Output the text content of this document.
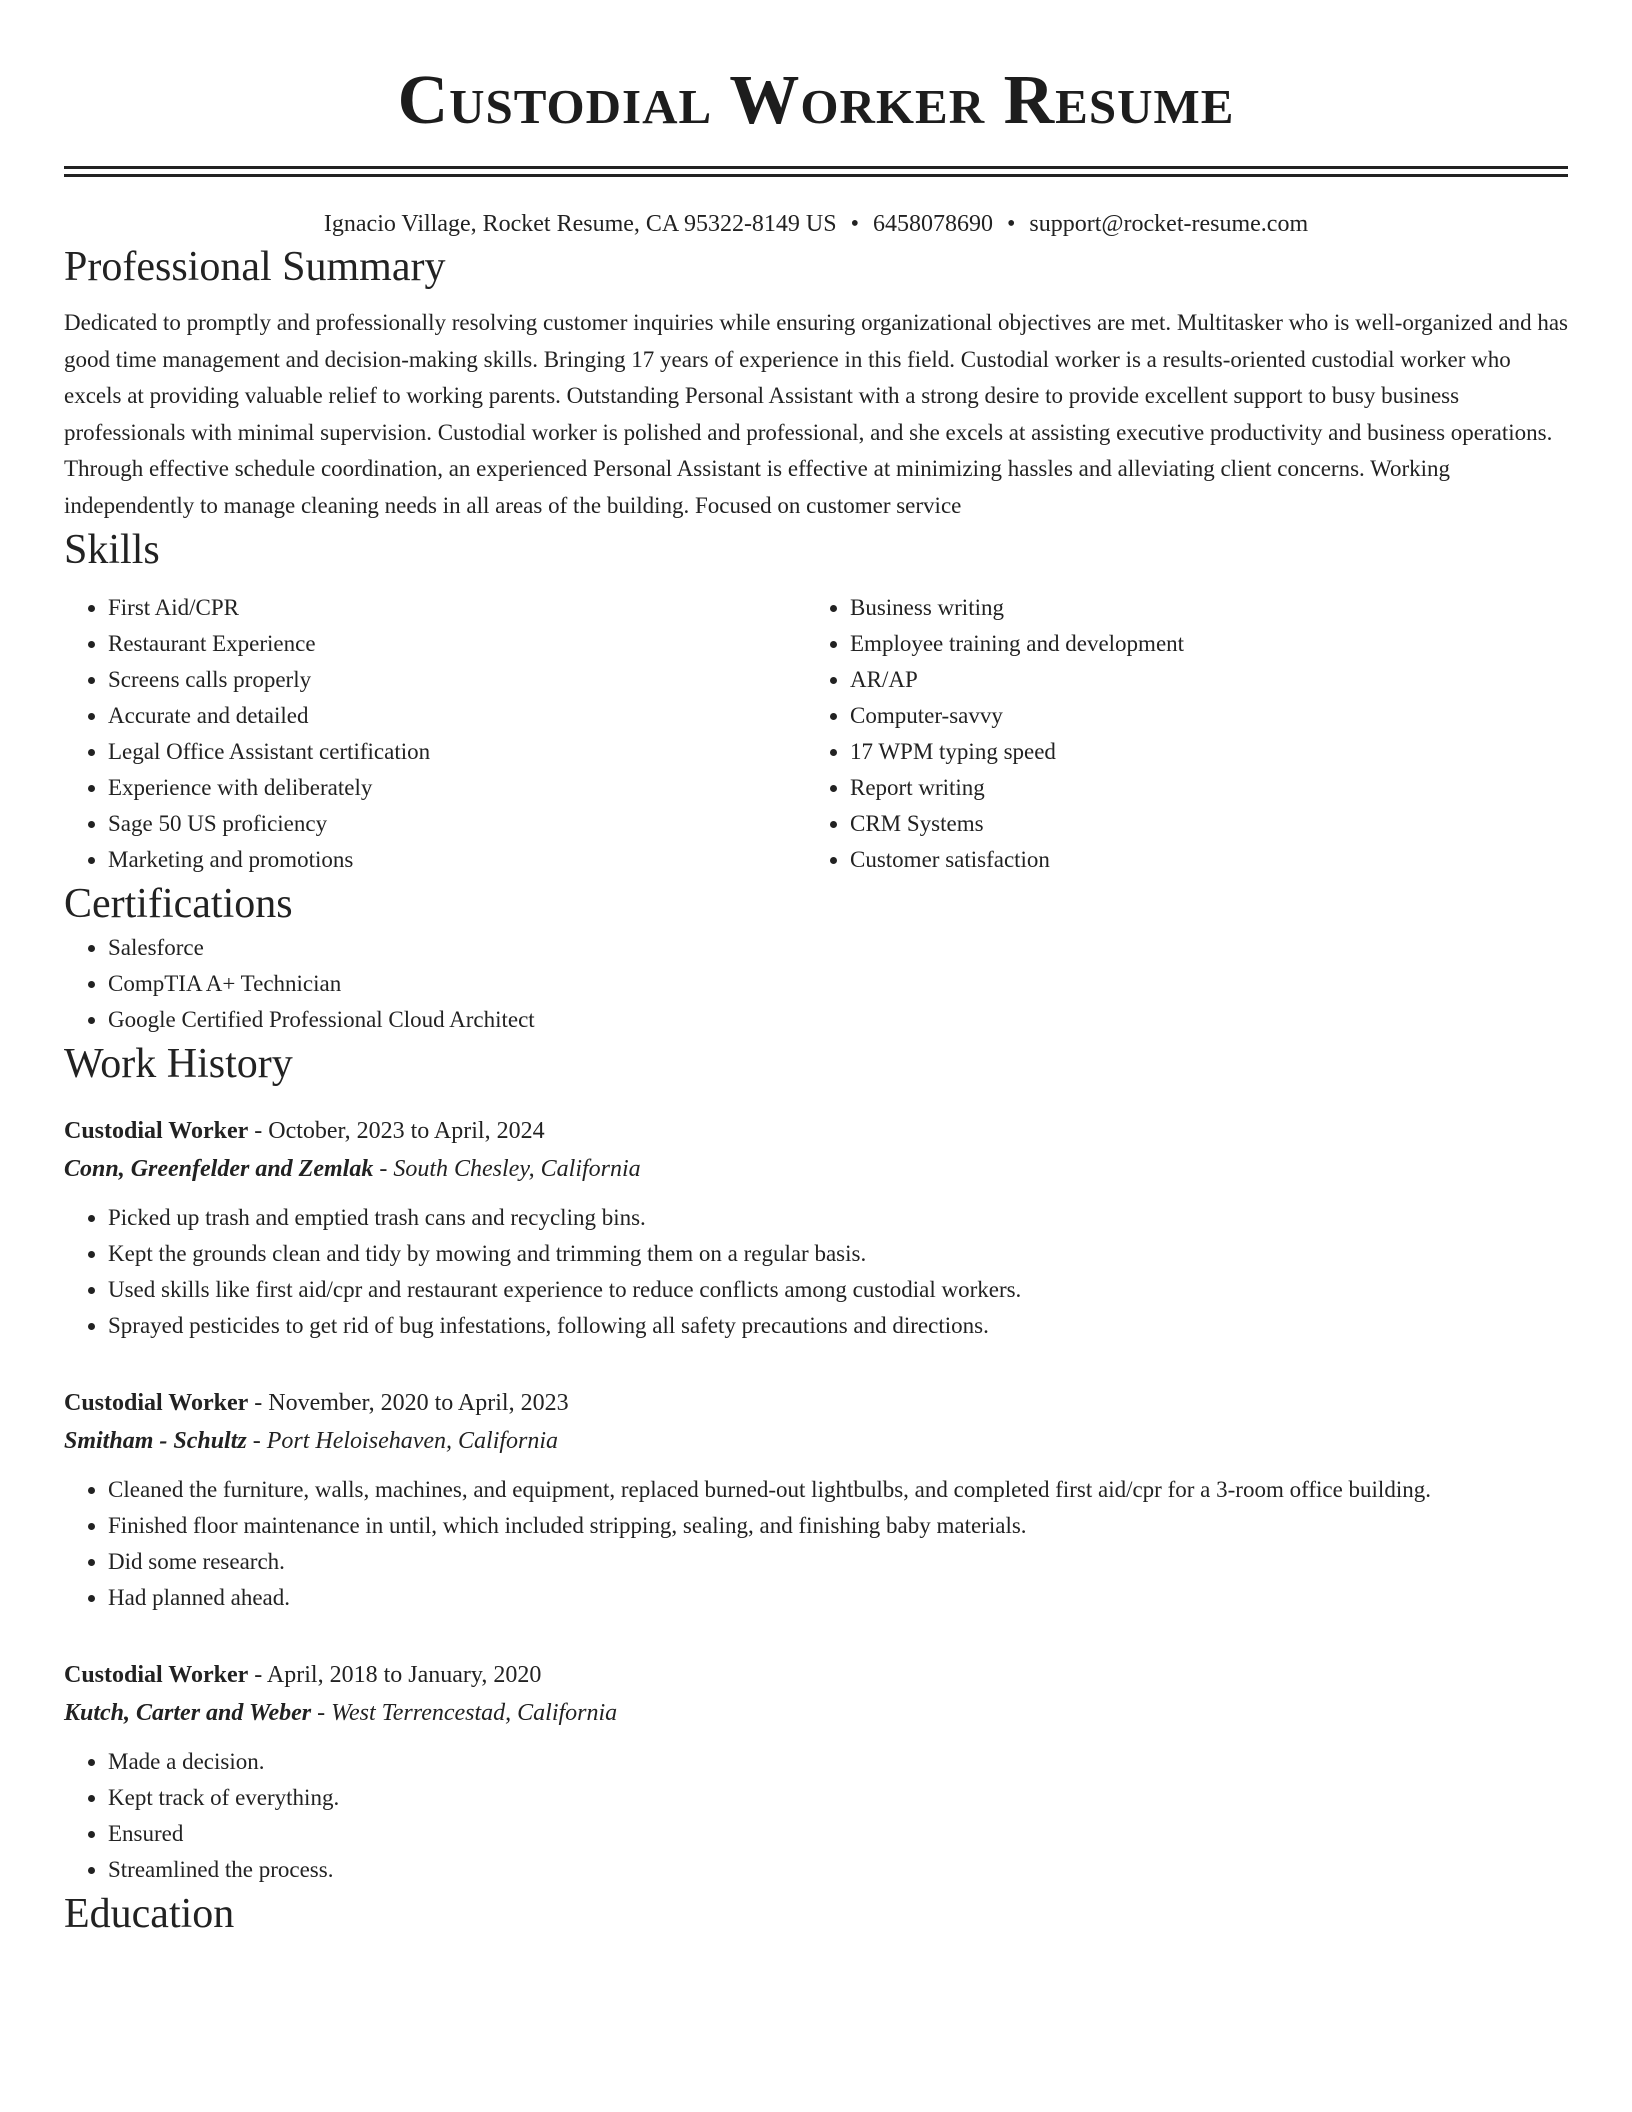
Custodial Worker Resume
Ignacio Village, Rocket Resume, CA 95322-8149 US • 6458078690 • support@rocket-resume.com
Professional Summary
Dedicated to promptly and professionally resolving customer inquiries while ensuring organizational objectives are met. Multitasker who is well-organized and has good time management and decision-making skills. Bringing 17 years of experience in this field. Custodial worker is a results-oriented custodial worker who excels at providing valuable relief to working parents. Outstanding Personal Assistant with a strong desire to provide excellent support to busy business professionals with minimal supervision. Custodial worker is polished and professional, and she excels at assisting executive productivity and business operations. Through effective schedule coordination, an experienced Personal Assistant is effective at minimizing hassles and alleviating client concerns. Working independently to manage cleaning needs in all areas of the building. Focused on customer service
Skills
• First Aid/CPR
• Restaurant Experience
• Screens calls properly
• Accurate and detailed
• Legal Office Assistant certification
• Experience with deliberately
• Sage 50 US proficiency
• Marketing and promotions
• Business writing
• Employee training and development
• AR/AP
• Computer-savvy
• 17 WPM typing speed
• Report writing
• CRM Systems
• Customer satisfaction
Certifications
• Salesforce
• CompTIA A+ Technician
• Google Certified Professional Cloud Architect
Work History
Custodial Worker - October, 2023 to April, 2024
Conn, Greenfelder and Zemlak - South Chesley, California
• Picked up trash and emptied trash cans and recycling bins.
• Kept the grounds clean and tidy by mowing and trimming them on a regular basis.
• Used skills like first aid/cpr and restaurant experience to reduce conflicts among custodial workers.
• Sprayed pesticides to get rid of bug infestations, following all safety precautions and directions.
Custodial Worker - November, 2020 to April, 2023
Smitham - Schultz - Port Heloisehaven, California
• Cleaned the furniture, walls, machines, and equipment, replaced burned-out lightbulbs, and completed first aid/cpr for a 3-room office building.
• Finished floor maintenance in until, which included stripping, sealing, and finishing baby materials.
• Did some research.
• Had planned ahead.
Custodial Worker - April, 2018 to January, 2020
Kutch, Carter and Weber - West Terrencestad, California
• Made a decision.
• Kept track of everything.
• Ensured
• Streamlined the process.
Education
